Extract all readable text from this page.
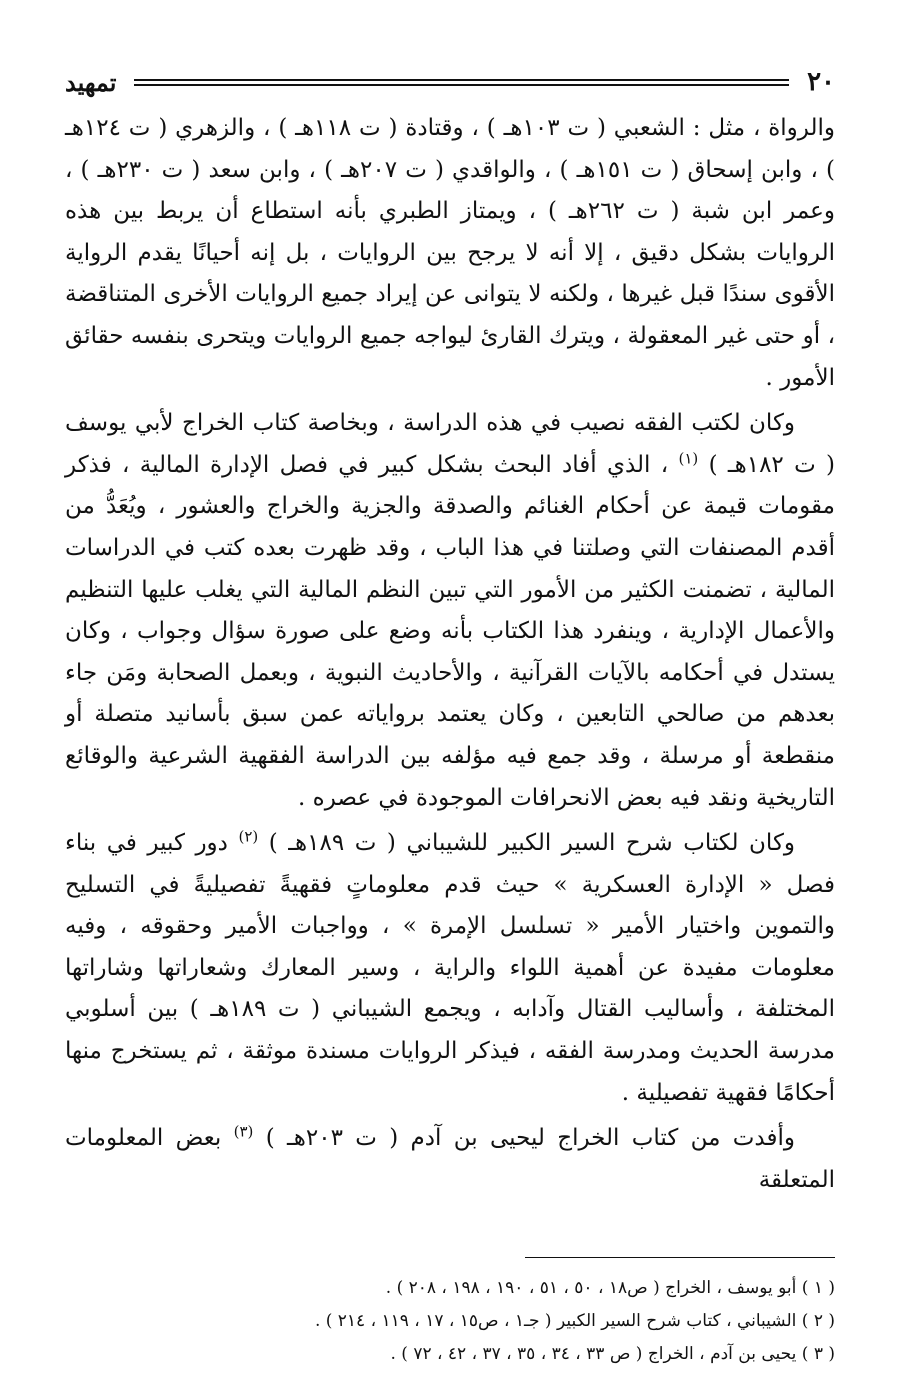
٢٠
تمهيد

والرواة ، مثل : الشعبي ( ت ١٠٣هـ ) ، وقتادة ( ت ١١٨هـ ) ، والزهري ( ت ١٢٤هـ ) ، وابن إسحاق ( ت ١٥١هـ ) ، والواقدي ( ت ٢٠٧هـ ) ، وابن سعد ( ت ٢٣٠هـ ) ، وعمر ابن شبة ( ت ٢٦٢هـ ) ، ويمتاز الطبري بأنه استطاع أن يربط بين هذه الروايات بشكل دقيق ، إلا أنه لا يرجح بين الروايات ، بل إنه أحيانًا يقدم الرواية الأقوى سندًا قبل غيرها ، ولكنه لا يتوانى عن إيراد جميع الروايات الأخرى المتناقضة ، أو حتى غير المعقولة ، ويترك القارئ ليواجه جميع الروايات ويتحرى بنفسه حقائق الأمور .

وكان لكتب الفقه نصيب في هذه الدراسة ، وبخاصة كتاب الخراج لأبي يوسف ( ت ١٨٢هـ ) $^{(١)}$ ، الذي أفاد البحث بشكل كبير في فصل الإدارة المالية ، فذكر مقومات قيمة عن أحكام الغنائم والصدقة والجزية والخراج والعشور ، ويُعَدُّ من أقدم المصنفات التي وصلتنا في هذا الباب ، وقد ظهرت بعده كتب في الدراسات المالية ، تضمنت الكثير من الأمور التي تبين النظم المالية التي يغلب عليها التنظيم والأعمال الإدارية ، وينفرد هذا الكتاب بأنه وضع على صورة سؤال وجواب ، وكان يستدل في أحكامه بالآيات القرآنية ، والأحاديث النبوية ، وبعمل الصحابة ومَن جاء بعدهم من صالحي التابعين ، وكان يعتمد برواياته عمن سبق بأسانيد متصلة أو منقطعة أو مرسلة ، وقد جمع فيه مؤلفه بين الدراسة الفقهية الشرعية والوقائع التاريخية ونقد فيه بعض الانحرافات الموجودة في عصره .

وكان لكتاب شرح السير الكبير للشيباني ( ت ١٨٩هـ ) $^{(٢)}$ دور كبير في بناء فصل « الإدارة العسكرية » حيث قدم معلوماتٍ فقهيةً تفصيليةً في التسليح والتموين واختيار الأمير « تسلسل الإمرة » ، وواجبات الأمير وحقوقه ، وفيه معلومات مفيدة عن أهمية اللواء والراية ، وسير المعارك وشعاراتها وشاراتها المختلفة ، وأساليب القتال وآدابه ، ويجمع الشيباني ( ت ١٨٩هـ ) بين أسلوبي مدرسة الحديث ومدرسة الفقه ، فيذكر الروايات مسندة موثقة ، ثم يستخرج منها أحكامًا فقهية تفصيلية .

وأفدت من كتاب الخراج ليحيى بن آدم ( ت ٢٠٣هـ ) $^{(٣)}$ بعض المعلومات المتعلقة

( ١ ) أبو يوسف ، الخراج ( ص١٨ ، ٥٠ ، ٥١ ، ١٩٠ ، ١٩٨ ، ٢٠٨ ) .

( ٢ ) الشيباني ، كتاب شرح السير الكبير ( جـ١ ، ص١٥ ، ١٧ ، ١١٩ ، ٢١٤ ) .

( ٣ ) يحيى بن آدم ، الخراج ( ص ٣٣ ، ٣٤ ، ٣٥ ، ٣٧ ، ٤٢ ، ٧٢ ) .
